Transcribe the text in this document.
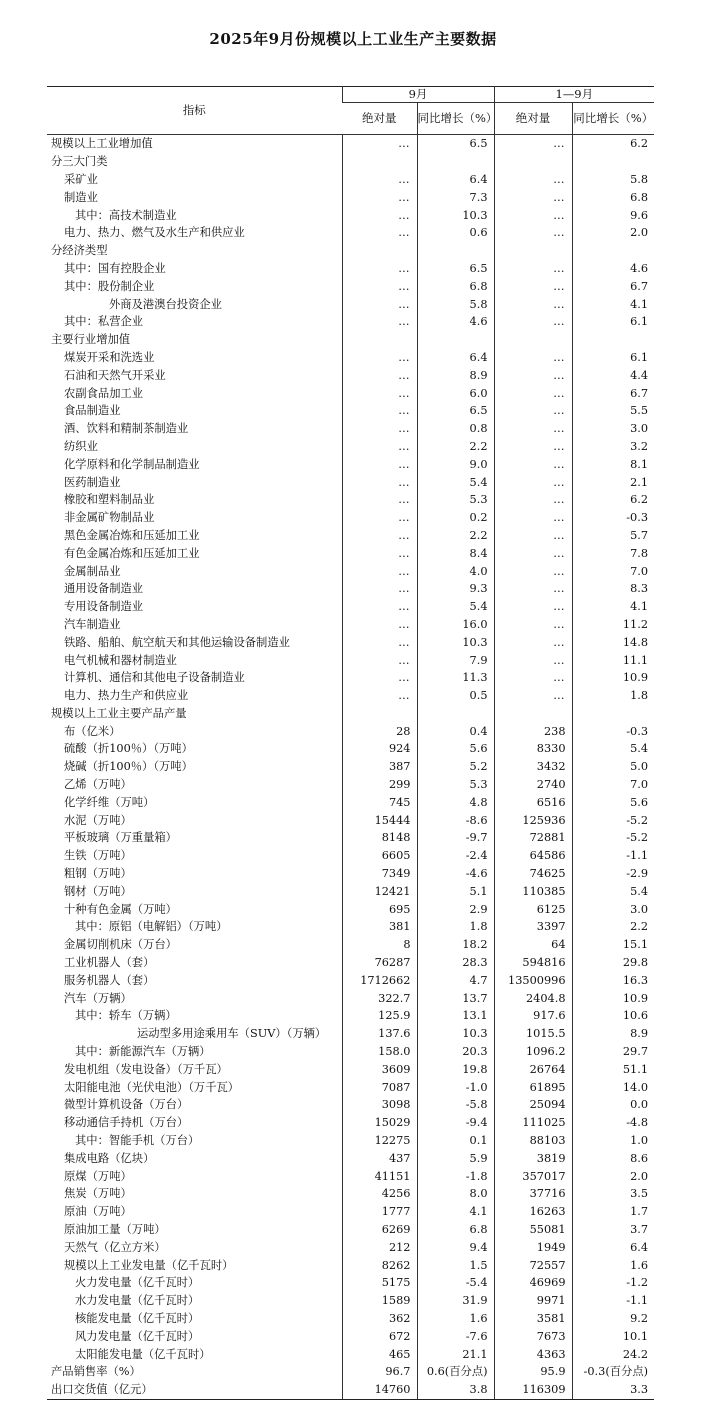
2025年9月份规模以上工业生产主要数据
指标	9月		1—9月	
	绝对量	同比增长（%）	绝对量	同比增长（%）
规模以上工业增加值	…	6.5	…	6.2
分三大门类				
采矿业	…	6.4	…	5.8
制造业	…	7.3	…	6.8
其中：高技术制造业	…	10.3	…	9.6
电力、热力、燃气及水生产和供应业	…	0.6	…	2.0
分经济类型				
其中：国有控股企业	…	6.5	…	4.6
其中：股份制企业	…	6.8	…	6.7
外商及港澳台投资企业	…	5.8	…	4.1
其中：私营企业	…	4.6	…	6.1
主要行业增加值				
煤炭开采和洗选业	…	6.4	…	6.1
石油和天然气开采业	…	8.9	…	4.4
农副食品加工业	…	6.0	…	6.7
食品制造业	…	6.5	…	5.5
酒、饮料和精制茶制造业	…	0.8	…	3.0
纺织业	…	2.2	…	3.2
化学原料和化学制品制造业	…	9.0	…	8.1
医药制造业	…	5.4	…	2.1
橡胶和塑料制品业	…	5.3	…	6.2
非金属矿物制品业	…	0.2	…	-0.3
黑色金属冶炼和压延加工业	…	2.2	…	5.7
有色金属冶炼和压延加工业	…	8.4	…	7.8
金属制品业	…	4.0	…	7.0
通用设备制造业	…	9.3	…	8.3
专用设备制造业	…	5.4	…	4.1
汽车制造业	…	16.0	…	11.2
铁路、船舶、航空航天和其他运输设备制造业	…	10.3	…	14.8
电气机械和器材制造业	…	7.9	…	11.1
计算机、通信和其他电子设备制造业	…	11.3	…	10.9
电力、热力生产和供应业	…	0.5	…	1.8
规模以上工业主要产品产量				
布（亿米）	28	0.4	238	-0.3
硫酸（折100％）（万吨）	924	5.6	8330	5.4
烧碱（折100％）（万吨）	387	5.2	3432	5.0
乙烯（万吨）	299	5.3	2740	7.0
化学纤维（万吨）	745	4.8	6516	5.6
水泥（万吨）	15444	-8.6	125936	-5.2
平板玻璃（万重量箱）	8148	-9.7	72881	-5.2
生铁（万吨）	6605	-2.4	64586	-1.1
粗钢（万吨）	7349	-4.6	74625	-2.9
钢材（万吨）	12421	5.1	110385	5.4
十种有色金属（万吨）	695	2.9	6125	3.0
其中：原铝（电解铝）（万吨）	381	1.8	3397	2.2
金属切削机床（万台）	8	18.2	64	15.1
工业机器人（套）	76287	28.3	594816	29.8
服务机器人（套）	1712662	4.7	13500996	16.3
汽车（万辆）	322.7	13.7	2404.8	10.9
其中：轿车（万辆）	125.9	13.1	917.6	10.6
运动型多用途乘用车（SUV）（万辆）	137.6	10.3	1015.5	8.9
其中：新能源汽车（万辆）	158.0	20.3	1096.2	29.7
发电机组（发电设备）（万千瓦）	3609	19.8	26764	51.1
太阳能电池（光伏电池）（万千瓦）	7087	-1.0	61895	14.0
微型计算机设备（万台）	3098	-5.8	25094	0.0
移动通信手持机（万台）	15029	-9.4	111025	-4.8
其中：智能手机（万台）	12275	0.1	88103	1.0
集成电路（亿块）	437	5.9	3819	8.6
原煤（万吨）	41151	-1.8	357017	2.0
焦炭（万吨）	4256	8.0	37716	3.5
原油（万吨）	1777	4.1	16263	1.7
原油加工量（万吨）	6269	6.8	55081	3.7
天然气（亿立方米）	212	9.4	1949	6.4
规模以上工业发电量（亿千瓦时）	8262	1.5	72557	1.6
火力发电量（亿千瓦时）	5175	-5.4	46969	-1.2
水力发电量（亿千瓦时）	1589	31.9	9971	-1.1
核能发电量（亿千瓦时）	362	1.6	3581	9.2
风力发电量（亿千瓦时）	672	-7.6	7673	10.1
太阳能发电量（亿千瓦时）	465	21.1	4363	24.2
产品销售率（%）	96.7	0.6(百分点)	95.9	-0.3(百分点)
出口交货值（亿元）	14760	3.8	116309	3.3
